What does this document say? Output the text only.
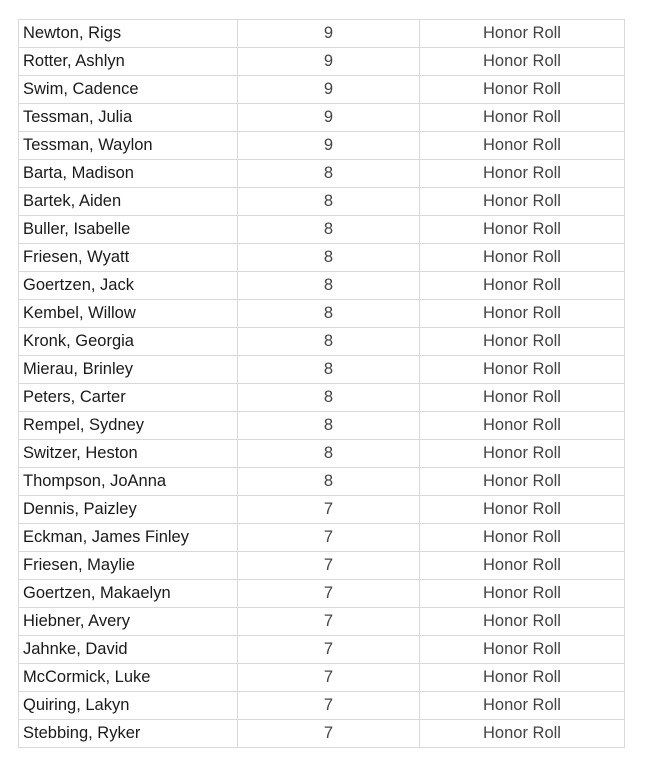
Newton, Rigs	9	Honor Roll
Rotter, Ashlyn	9	Honor Roll
Swim, Cadence	9	Honor Roll
Tessman, Julia	9	Honor Roll
Tessman, Waylon	9	Honor Roll
Barta, Madison	8	Honor Roll
Bartek, Aiden	8	Honor Roll
Buller, Isabelle	8	Honor Roll
Friesen, Wyatt	8	Honor Roll
Goertzen, Jack	8	Honor Roll
Kembel, Willow	8	Honor Roll
Kronk, Georgia	8	Honor Roll
Mierau, Brinley	8	Honor Roll
Peters, Carter	8	Honor Roll
Rempel, Sydney	8	Honor Roll
Switzer, Heston	8	Honor Roll
Thompson, JoAnna	8	Honor Roll
Dennis, Paizley	7	Honor Roll
Eckman, James Finley	7	Honor Roll
Friesen, Maylie	7	Honor Roll
Goertzen, Makaelyn	7	Honor Roll
Hiebner, Avery	7	Honor Roll
Jahnke, David	7	Honor Roll
McCormick, Luke	7	Honor Roll
Quiring, Lakyn	7	Honor Roll
Stebbing, Ryker	7	Honor Roll
